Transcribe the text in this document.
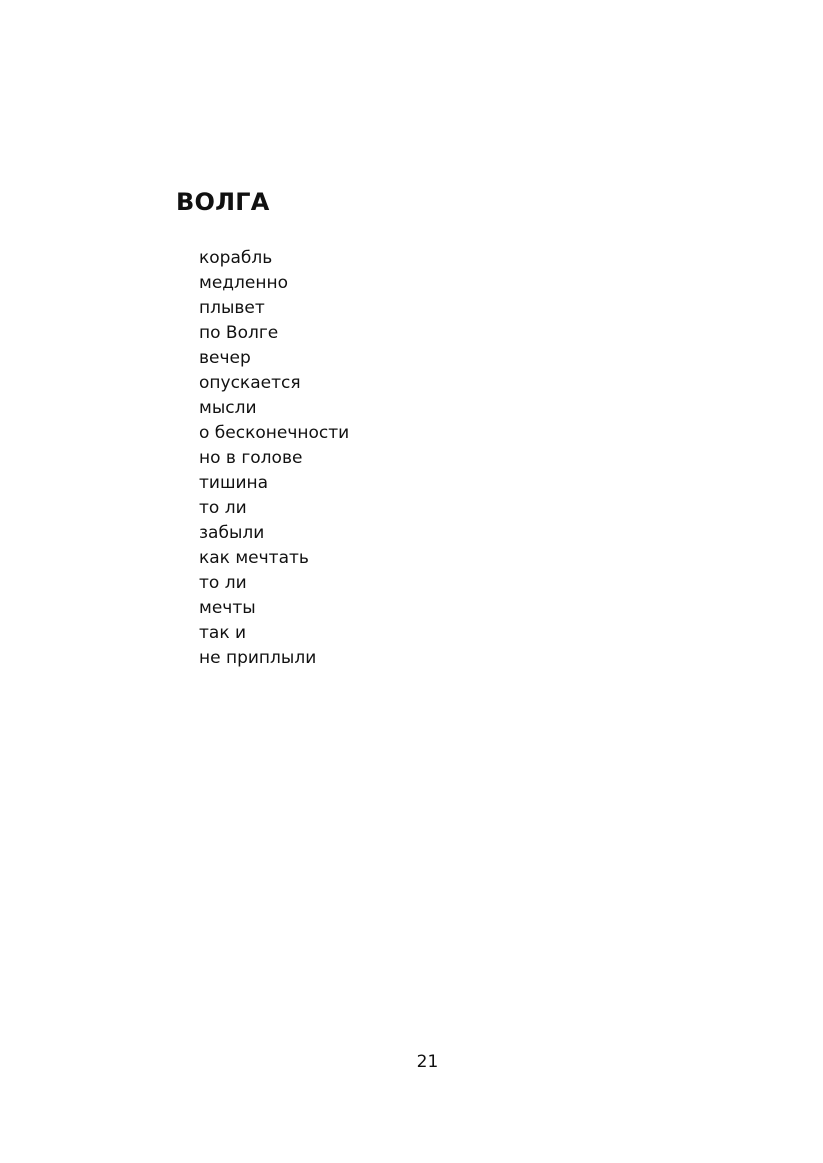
ВОЛГА
корабль
медленно
плывет
по Волге
вечер
опускается
мысли
о бесконечности
но в голове
тишина
то ли
забыли
как мечтать
то ли
мечты
так и
не приплыли
21
